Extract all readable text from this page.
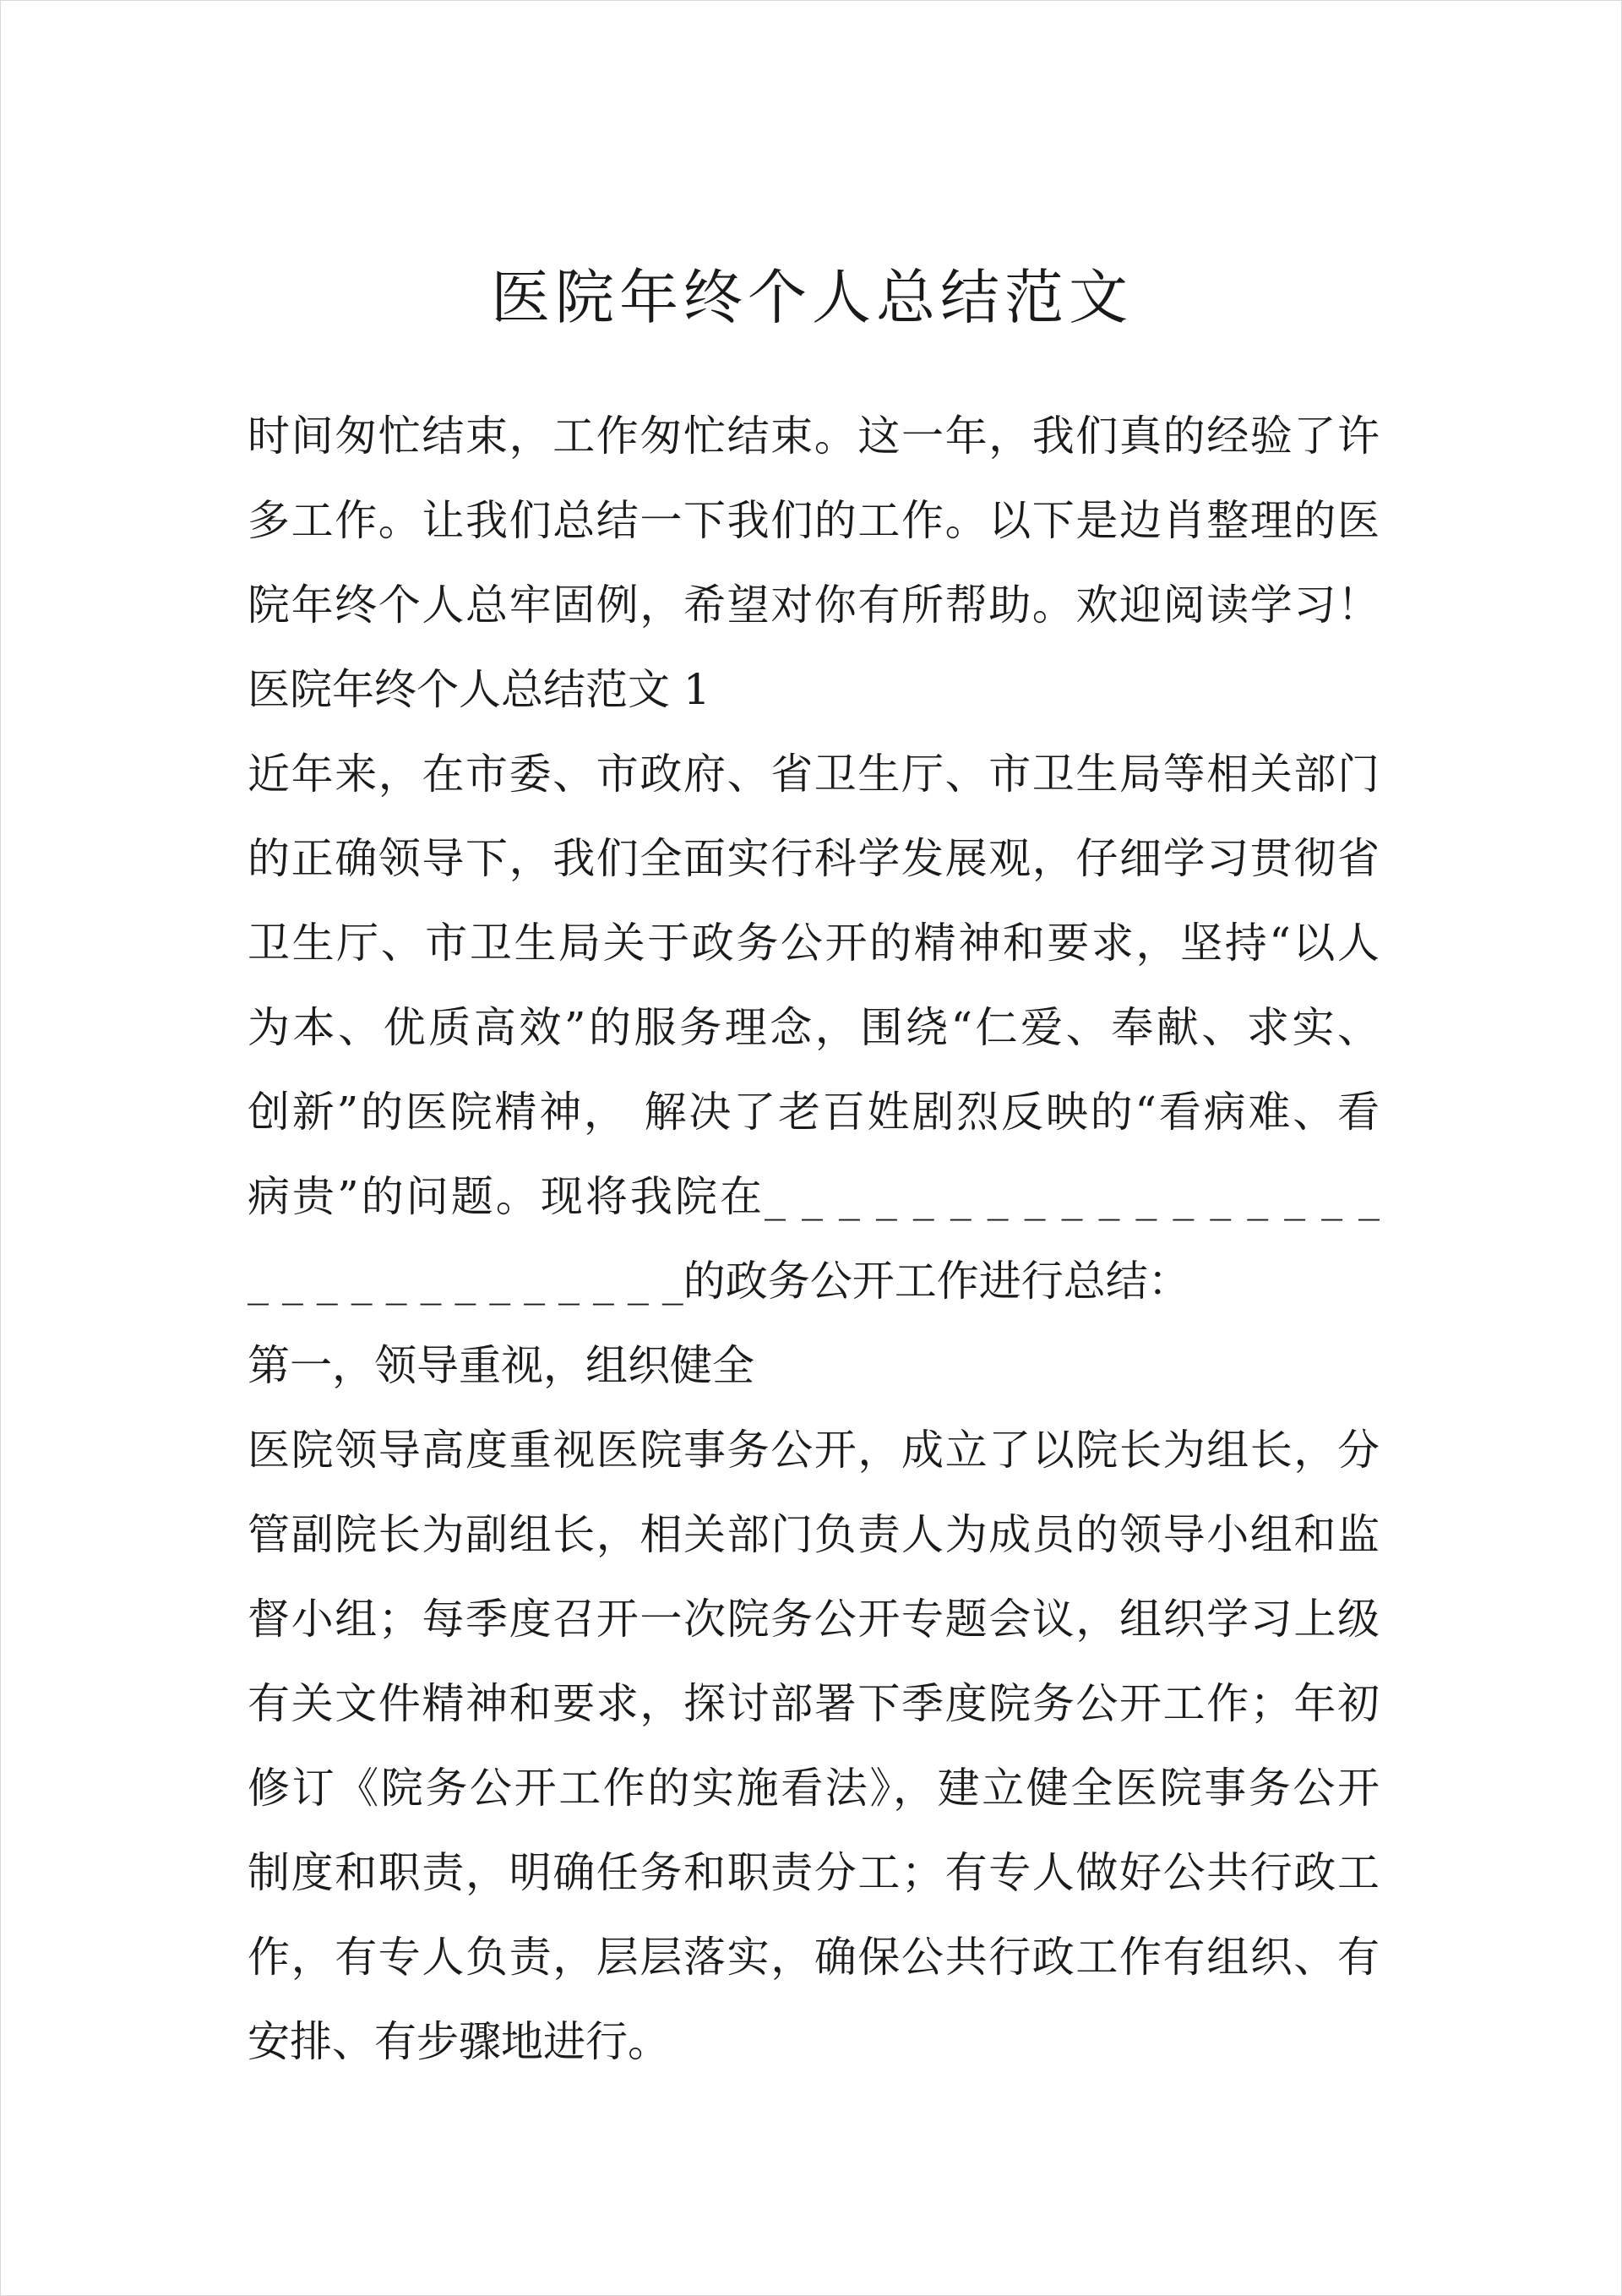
医院年终个人总结范文
时间匆忙结束，工作匆忙结束。这一年，我们真的经验了许
多工作。让我们总结一下我们的工作。以下是边肖整理的医
院年终个人总牢固例，希望对你有所帮助。欢迎阅读学习！
医院年终个人总结范文 1
近年来，在市委、市政府、省卫生厅、市卫生局等相关部门
的正确领导下，我们全面实行科学发展观，仔细学习贯彻省
卫生厅、市卫生局关于政务公开的精神和要求，坚持“以人
为本、优质高效”的服务理念，围绕“仁爱、奉献、求实、
创新”的医院精神， 解决了老百姓剧烈反映的“看病难、看
病贵”的问题。现将我院在_ _ _ _ _ _ _ _ _ _ _ _ _ _ _ _ _
_ _ _ _ _ _ _ _ _ _ _ _ _的政务公开工作进行总结：
第一，领导重视，组织健全
医院领导高度重视医院事务公开，成立了以院长为组长，分
管副院长为副组长，相关部门负责人为成员的领导小组和监
督小组；每季度召开一次院务公开专题会议，组织学习上级
有关文件精神和要求，探讨部署下季度院务公开工作；年初
修订《院务公开工作的实施看法》，建立健全医院事务公开
制度和职责，明确任务和职责分工；有专人做好公共行政工
作，有专人负责，层层落实，确保公共行政工作有组织、有
安排、有步骤地进行。
